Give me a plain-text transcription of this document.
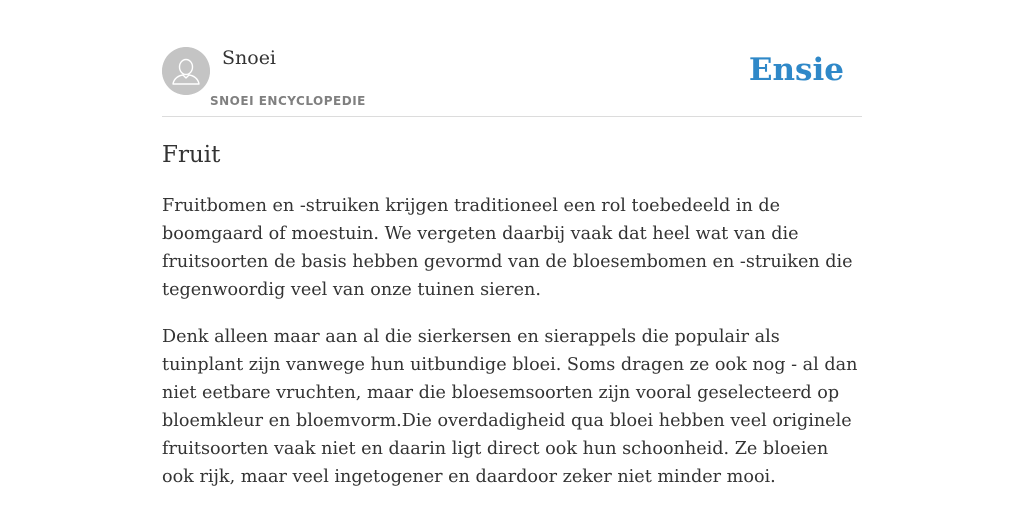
Snoei
SNOEI ENCYCLOPEDIE
Ensie
Fruit

Fruitbomen en -struiken krijgen traditioneel een rol toebedeeld in de boomgaard of moestuin. We vergeten daarbij vaak dat heel wat van die fruitsoorten de basis hebben gevormd van de bloesembomen en -struiken die tegenwoordig veel van onze tuinen sieren.

Denk alleen maar aan al die sierkersen en sierappels die populair als tuinplant zijn vanwege hun uitbundige bloei. Soms dragen ze ook nog - al dan niet eetbare vruchten, maar die bloesemsoorten zijn vooral geselecteerd op bloemkleur en bloemvorm.Die overdadigheid qua bloei hebben veel originele fruitsoorten vaak niet en daarin ligt direct ook hun schoonheid. Ze bloeien ook rijk, maar veel ingetogener en daardoor zeker niet minder mooi.
